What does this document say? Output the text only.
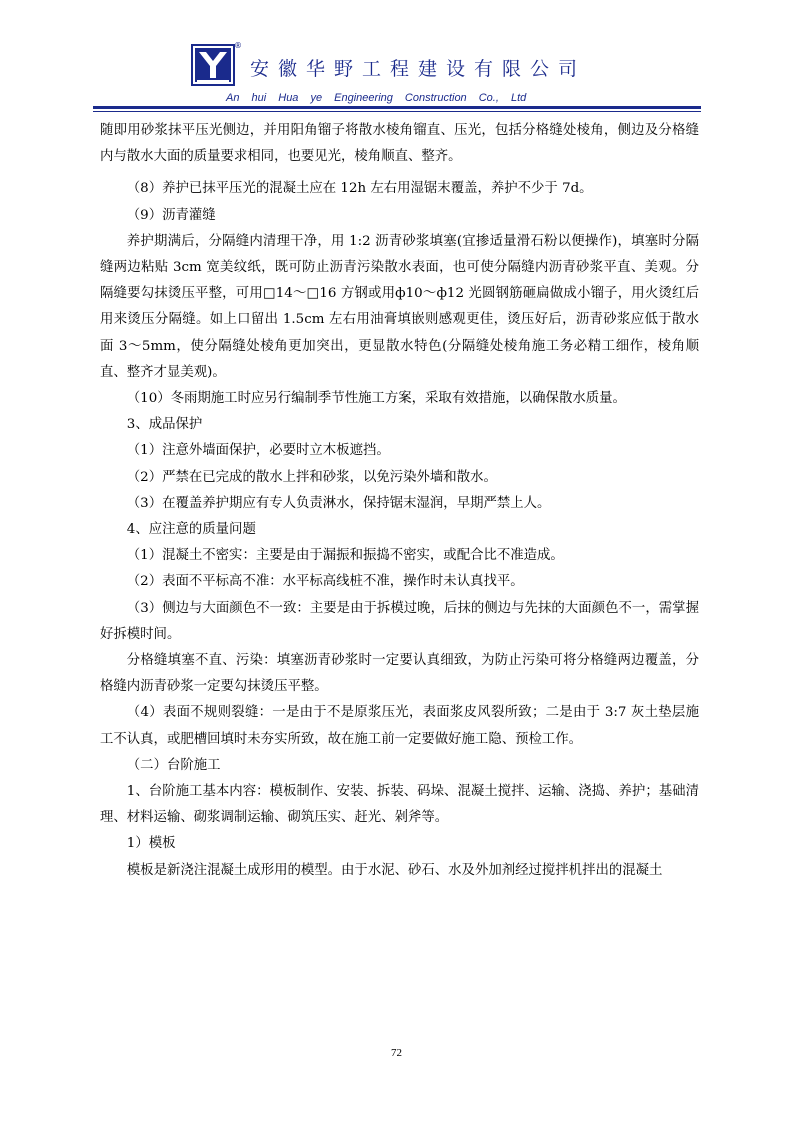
®
安徽华野工程建设有限公司
An hui Hua ye Engineering Construction Co., Ltd

随即用砂浆抹平压光侧边，并用阳角镏子将散水棱角镏直、压光，包括分格缝处棱角，侧边及分格缝内与散水大面的质量要求相同，也要见光，棱角顺直、整齐。

（8）养护已抹平压光的混凝土应在 12h 左右用湿锯末覆盖，养护不少于 7d。

（9）沥青灌缝

养护期满后，分隔缝内清理干净，用 1:2 沥青砂浆填塞(宜掺适量滑石粉以便操作)，填塞时分隔缝两边粘贴 3cm 宽美纹纸，既可防止沥青污染散水表面，也可使分隔缝内沥青砂浆平直、美观。分隔缝要勾抹烫压平整，可用□14～□16 方钢或用ф10～ф12 光圆钢筋砸扁做成小镏子，用火烫红后用来烫压分隔缝。如上口留出 1.5cm 左右用油膏填嵌则感观更佳，烫压好后，沥青砂浆应低于散水面 3～5mm，使分隔缝处棱角更加突出，更显散水特色(分隔缝处棱角施工务必精工细作，棱角顺直、整齐才显美观)。

（10）冬雨期施工时应另行编制季节性施工方案，采取有效措施，以确保散水质量。

3、成品保护

（1）注意外墙面保护，必要时立木板遮挡。

（2）严禁在已完成的散水上拌和砂浆，以免污染外墙和散水。

（3）在覆盖养护期应有专人负责淋水，保持锯末湿润，早期严禁上人。

4、应注意的质量问题

（1）混凝土不密实：主要是由于漏振和振捣不密实，或配合比不准造成。

（2）表面不平标高不准：水平标高线桩不准，操作时未认真找平。

（3）侧边与大面颜色不一致：主要是由于拆模过晚，后抹的侧边与先抹的大面颜色不一，需掌握好拆模时间。

分格缝填塞不直、污染：填塞沥青砂浆时一定要认真细致，为防止污染可将分格缝两边覆盖，分格缝内沥青砂浆一定要勾抹烫压平整。

（4）表面不规则裂缝：一是由于不是原浆压光，表面浆皮风裂所致；二是由于 3:7 灰土垫层施工不认真，或肥槽回填时未夯实所致，故在施工前一定要做好施工隐、预检工作。

（二）台阶施工

1、台阶施工基本内容：模板制作、安装、拆装、码垛、混凝土搅拌、运输、浇捣、养护；基础清理、材料运输、砌浆调制运输、砌筑压实、赶光、剁斧等。

1）模板

模板是新浇注混凝土成形用的模型。由于水泥、砂石、水及外加剂经过搅拌机拌出的混凝土

72
